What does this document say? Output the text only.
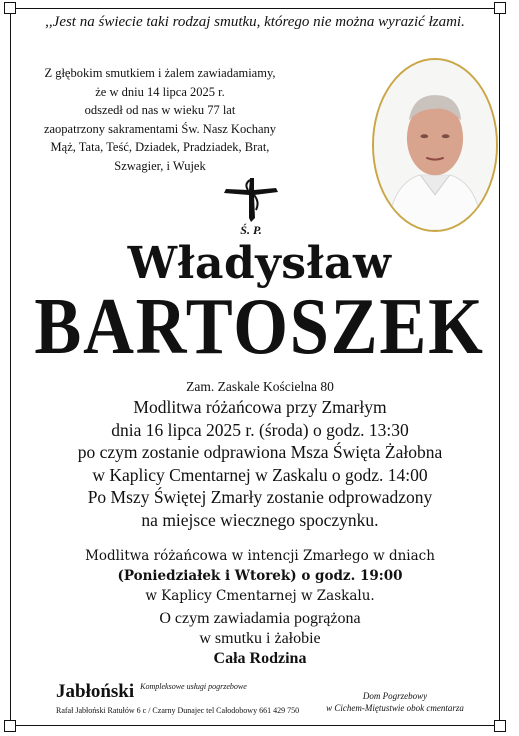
,,Jest na świecie taki rodzaj smutku, którego nie można wyrazić łzami.
Z głębokim smutkiem i żalem zawiadamiamy,
że w dniu 14 lipca 2025 r.
odszedł od nas w wieku 77 lat
zaopatrzony sakramentami Św. Nasz Kochany
Mąż, Tata, Teść, Dziadek, Pradziadek, Brat,
Szwagier, i Wujek
Ś. P.
Władysław
BARTOSZEK
Zam. Zaskale Kościelna 80
Modlitwa różańcowa przy Zmarłym
dnia 16 lipca 2025 r. (środa) o godz. 13:30
po czym zostanie odprawiona Msza Święta Żałobna
w Kaplicy Cmentarnej w Zaskalu o godz. 14:00
Po Mszy Świętej Zmarły zostanie odprowadzony
na miejsce wiecznego spoczynku.
Modlitwa różańcowa w intencji Zmarłego w dniach
(Poniedziałek i Wtorek) o godz. 19:00
w Kaplicy Cmentarnej w Zaskalu.
O czym zawiadamia pogrążona
w smutku i żałobie
Cała Rodzina
Jabłoński Kompleksowe usługi pogrzebowe
Rafał Jabłoński Ratułów 6 c / Czarny Dunajec tel Całodobowy 661 429 750
Dom Pogrzebowy
w Cichem-Miętustwie obok cmentarza
